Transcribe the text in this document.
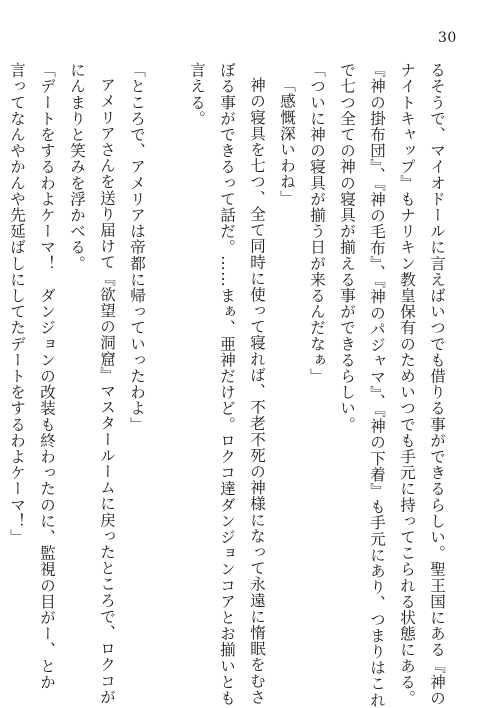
30
るそうで、マイオドールに言えばいつでも借りる事ができるらしい。聖王国にある『神の
ナイトキャップ』もナリキン教皇保有のためいつでも手元に持ってこられる状態にある。
『神の掛布団』、『神の毛布』、『神のパジャマ』、『神の下着』も手元にあり、つまりはこれ
で七つ全ての神の寝具が揃える事ができるらしい。
「ついに神の寝具が揃う日が来るんだなぁ」
「感慨深いわね」
神の寝具を七つ、全て同時に使って寝れば、不老不死の神様になって永遠に惰眠をむさ
ぼる事ができるって話だ。……まぁ、亜神だけど。ロクコ達ダンジョンコアとお揃いとも
言える。
「ところで、アメリアは帝都に帰っていったわよ」
アメリアさんを送り届けて『欲望の洞窟』マスタールームに戻ったところで、ロクコが
にんまりと笑みを浮かべる。
「デートをするわよケーマ！　ダンジョンの改装も終わったのに、監視の目がー、とか
言ってなんやかんや先延ばしにしてたデートをするわよケーマ！」
